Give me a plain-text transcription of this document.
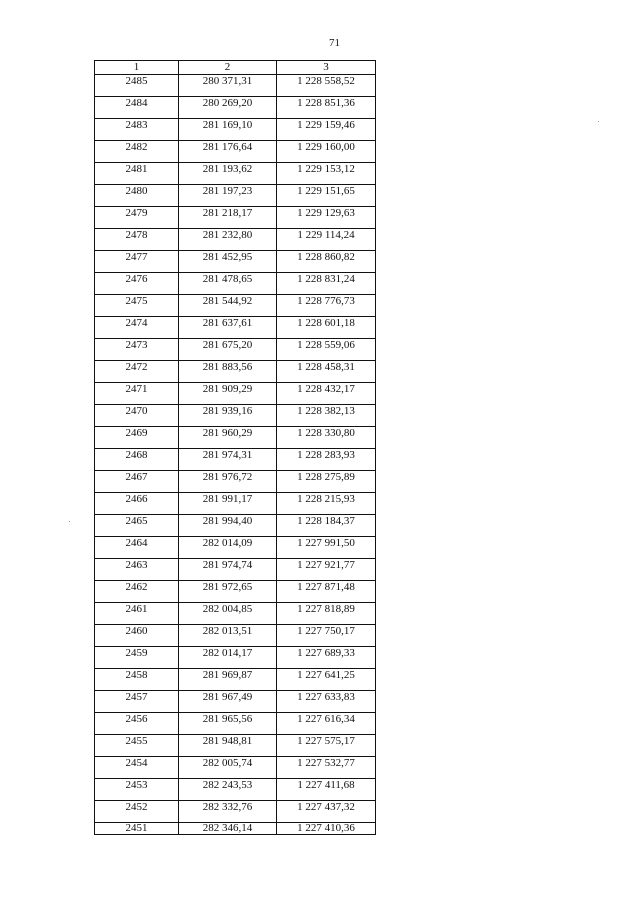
71
1	2	3
2485	280 371,31	1 228 558,52
2484	280 269,20	1 228 851,36
2483	281 169,10	1 229 159,46
2482	281 176,64	1 229 160,00
2481	281 193,62	1 229 153,12
2480	281 197,23	1 229 151,65
2479	281 218,17	1 229 129,63
2478	281 232,80	1 229 114,24
2477	281 452,95	1 228 860,82
2476	281 478,65	1 228 831,24
2475	281 544,92	1 228 776,73
2474	281 637,61	1 228 601,18
2473	281 675,20	1 228 559,06
2472	281 883,56	1 228 458,31
2471	281 909,29	1 228 432,17
2470	281 939,16	1 228 382,13
2469	281 960,29	1 228 330,80
2468	281 974,31	1 228 283,93
2467	281 976,72	1 228 275,89
2466	281 991,17	1 228 215,93
2465	281 994,40	1 228 184,37
2464	282 014,09	1 227 991,50
2463	281 974,74	1 227 921,77
2462	281 972,65	1 227 871,48
2461	282 004,85	1 227 818,89
2460	282 013,51	1 227 750,17
2459	282 014,17	1 227 689,33
2458	281 969,87	1 227 641,25
2457	281 967,49	1 227 633,83
2456	281 965,56	1 227 616,34
2455	281 948,81	1 227 575,17
2454	282 005,74	1 227 532,77
2453	282 243,53	1 227 411,68
2452	282 332,76	1 227 437,32
2451	282 346,14	1 227 410,36
